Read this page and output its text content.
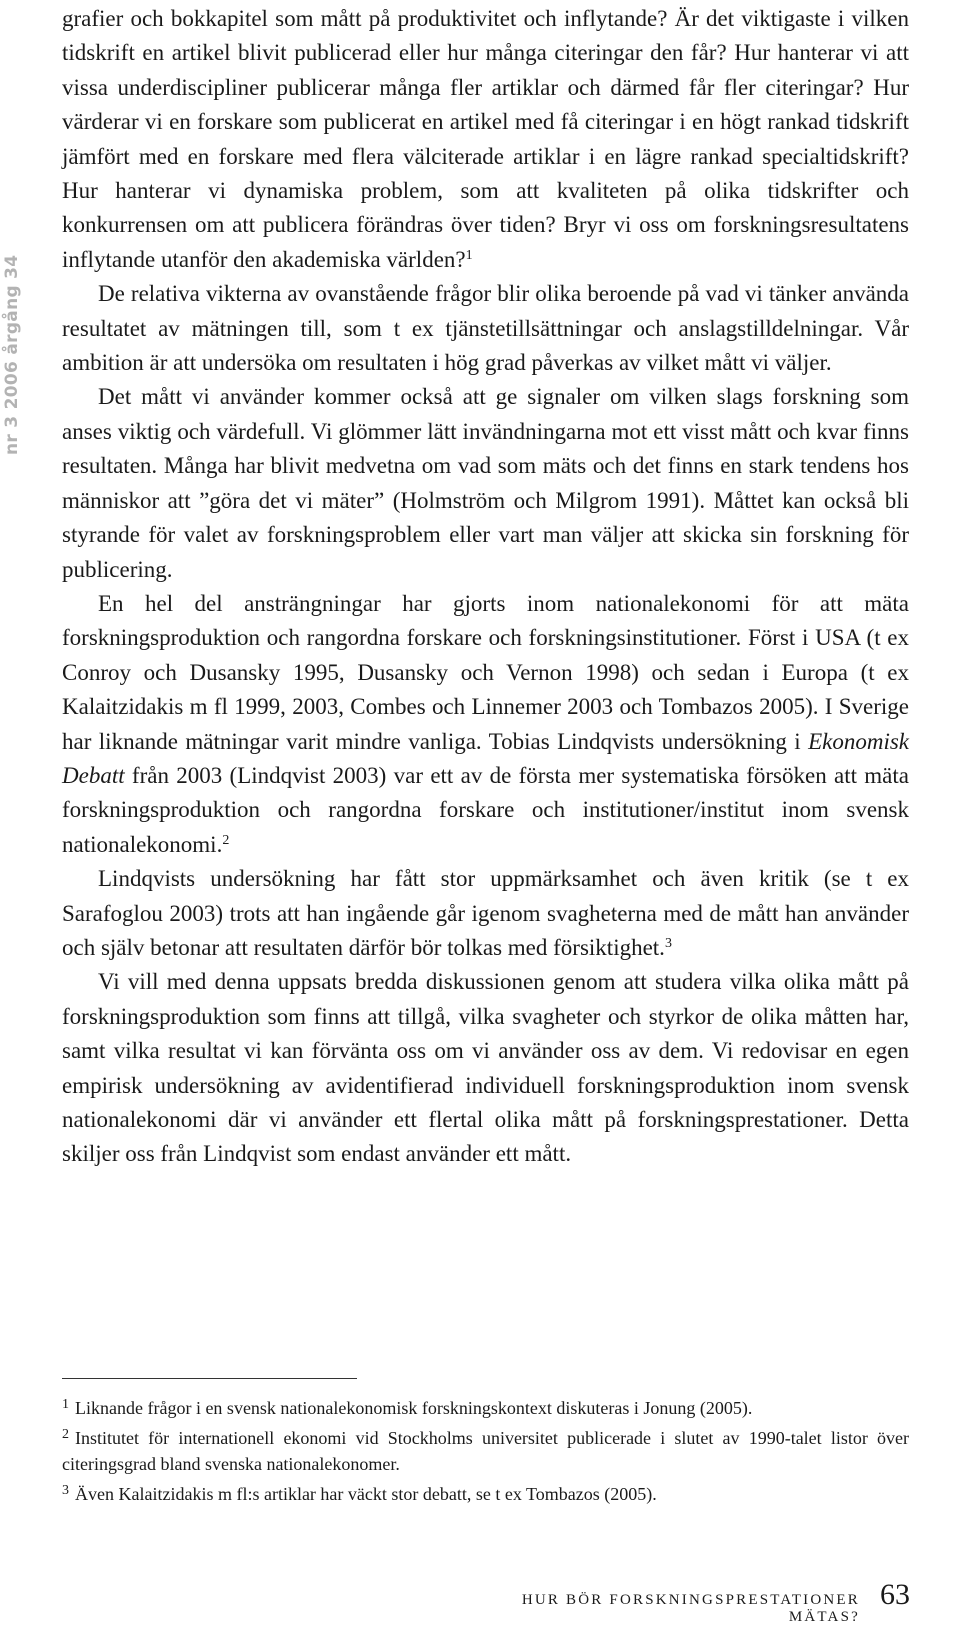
nr 3 2006 årgång 34

grafier och bokkapitel som mått på produktivitet och inflytande? Är det viktigaste i vilken tidskrift en artikel blivit publicerad eller hur många citeringar den får? Hur hanterar vi att vissa underdiscipliner publicerar många fler artiklar och därmed får fler citeringar? Hur värderar vi en forskare som publicerat en artikel med få citeringar i en högt rankad tidskrift jämfört med en forskare med flera välciterade artiklar i en lägre rankad specialtidskrift? Hur hanterar vi dynamiska problem, som att kvaliteten på olika tidskrifter och konkurrensen om att publicera förändras över tiden? Bryr vi oss om forskningsresultatens inflytande utanför den akademiska världen?$^1$

De relativa vikterna av ovanstående frågor blir olika beroende på vad vi tänker använda resultatet av mätningen till, som t ex tjänstetillsättningar och anslagstilldelningar. Vår ambition är att undersöka om resultaten i hög grad påverkas av vilket mått vi väljer.

Det mått vi använder kommer också att ge signaler om vilken slags forskning som anses viktig och värdefull. Vi glömmer lätt invändningarna mot ett visst mått och kvar finns resultaten. Många har blivit medvetna om vad som mäts och det finns en stark tendens hos människor att ”göra det vi mäter” (Holmström och Milgrom 1991). Måttet kan också bli styrande för valet av forskningsproblem eller vart man väljer att skicka sin forskning för publicering.

En hel del ansträngningar har gjorts inom nationalekonomi för att mäta forskningsproduktion och rangordna forskare och forskningsinstitutioner. Först i USA (t ex Conroy och Dusansky 1995, Dusansky och Vernon 1998) och sedan i Europa (t ex Kalaitzidakis m fl 1999, 2003, Combes och Linnemer 2003 och Tombazos 2005). I Sverige har liknande mätningar varit mindre vanliga. Tobias Lindqvists undersökning i Ekonomisk Debatt från 2003 (Lindqvist 2003) var ett av de första mer systematiska försöken att mäta forskningsproduktion och rangordna forskare och institutioner/institut inom svensk nationalekonomi.$^2$

Lindqvists undersökning har fått stor uppmärksamhet och även kritik (se t ex Sarafoglou 2003) trots att han ingående går igenom svagheterna med de mått han använder och själv betonar att resultaten därför bör tolkas med försiktighet.$^3$

Vi vill med denna uppsats bredda diskussionen genom att studera vilka olika mått på forskningsproduktion som finns att tillgå, vilka svagheter och styrkor de olika måtten har, samt vilka resultat vi kan förvänta oss om vi använder oss av dem. Vi redovisar en egen empirisk undersökning av avidentifierad individuell forskningsproduktion inom svensk nationalekonomi där vi använder ett flertal olika mått på forskningsprestationer. Detta skiljer oss från Lindqvist som endast använder ett mått.

$^1$ Liknande frågor i en svensk nationalekonomisk forskningskontext diskuteras i Jonung (2005).

$^2$ Institutet för internationell ekonomi vid Stockholms universitet publicerade i slutet av 1990-talet listor över citeringsgrad bland svenska nationalekonomer.

$^3$ Även Kalaitzidakis m fl:s artiklar har väckt stor debatt, se t ex Tombazos (2005).

HUR BÖR FORSKNINGSPRESTATIONER MÄTAS?
63
